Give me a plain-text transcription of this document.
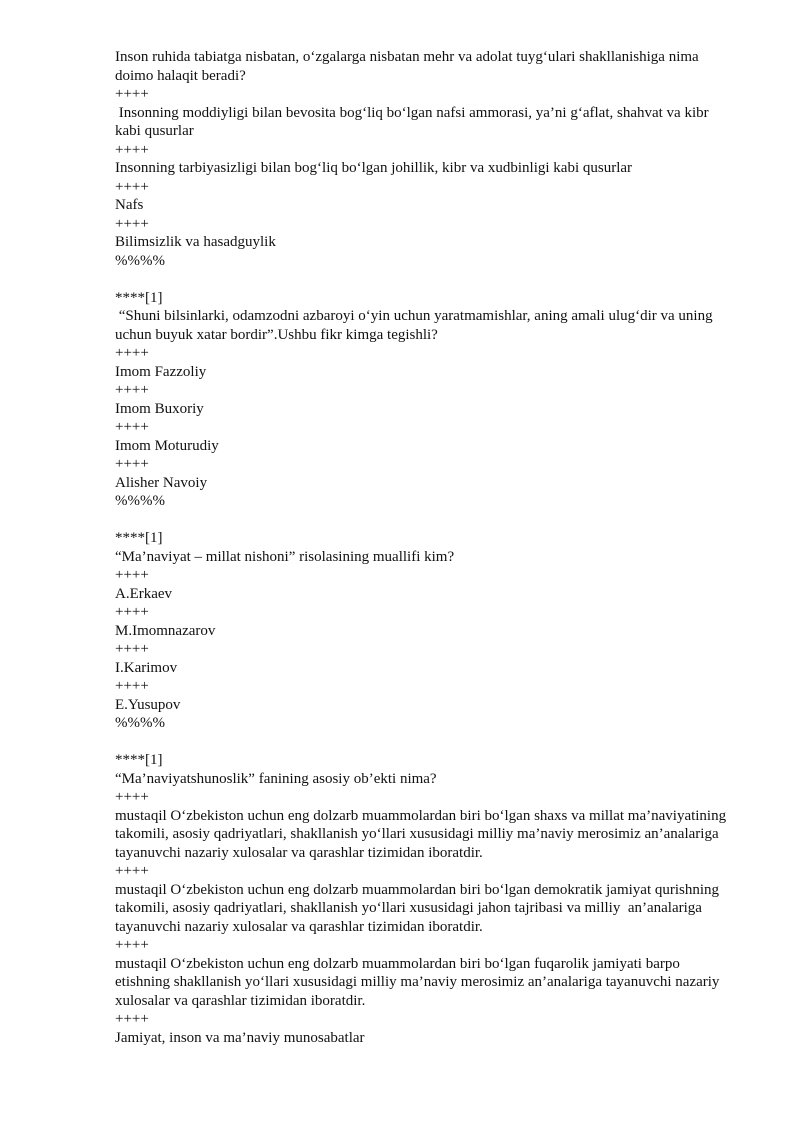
Inson ruhida tabiatga nisbatan, o‘zgalarga nisbatan mehr va adolat tuyg‘ulari shakllanishiga nima doimo halaqit beradi?
++++
Insonning moddiyligi bilan bevosita bog‘liq bo‘lgan nafsi ammorasi, ya’ni g‘aflat, shahvat va kibr kabi qusurlar
++++
Insonning tarbiyasizligi bilan bog‘liq bo‘lgan johillik, kibr va xudbinligi kabi qusurlar
++++
Nafs
++++
Bilimsizlik va hasadguylik
%%%%
****[1]
“Shuni bilsinlarki, odamzodni azbaroyi o‘yin uchun yaratmamishlar, aning amali ulug‘dir va uning uchun buyuk xatar bordir”.Ushbu fikr kimga tegishli?
++++
Imom Fazzoliy
++++
Imom Buxoriy
++++
Imom Moturudiy
++++
Alisher Navoiy
%%%%
****[1]
“Ma’naviyat – millat nishoni” risolasining muallifi kim?
++++
A.Erkaev
++++
M.Imomnazarov
++++
I.Karimov
++++
E.Yusupov
%%%%
****[1]
“Ma’naviyatshunoslik” fanining asosiy ob’ekti nima?
++++
mustaqil O‘zbekiston uchun eng dolzarb muammolardan biri bo‘lgan shaxs va millat ma’naviyatining takomili, asosiy qadriyatlari, shakllanish yo‘llari xususidagi milliy ma’naviy merosimiz an’analariga tayanuvchi nazariy xulosalar va qarashlar tizimidan iboratdir.
++++
mustaqil O‘zbekiston uchun eng dolzarb muammolardan biri bo‘lgan demokratik jamiyat qurishning takomili, asosiy qadriyatlari, shakllanish yo‘llari xususidagi jahon tajribasi va milliy  an’analariga tayanuvchi nazariy xulosalar va qarashlar tizimidan iboratdir.
++++
mustaqil O‘zbekiston uchun eng dolzarb muammolardan biri bo‘lgan fuqarolik jamiyati barpo etishning shakllanish yo‘llari xususidagi milliy ma’naviy merosimiz an’analariga tayanuvchi nazariy xulosalar va qarashlar tizimidan iboratdir.
++++
Jamiyat, inson va ma’naviy munosabatlar
